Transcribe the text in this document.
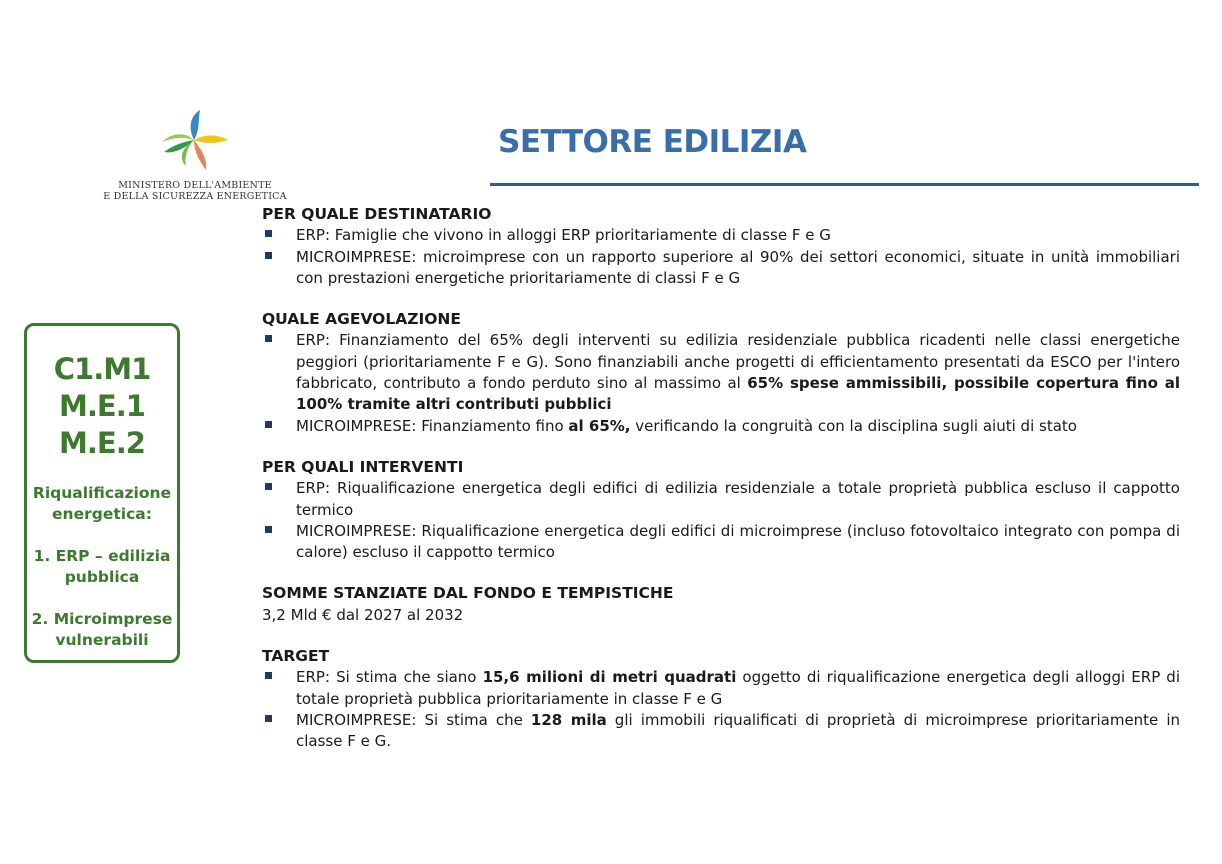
MINISTERO DELL'AMBIENTE
E DELLA SICUREZZA ENERGETICA
SETTORE EDILIZIA
C1.M1
M.E.1
M.E.2
Riqualificazione
energetica:
1. ERP – edilizia
pubblica
2. Microimprese
vulnerabili
PER QUALE DESTINATARIO
ERP: Famiglie che vivono in alloggi ERP prioritariamente di classe F e G
MICROIMPRESE: microimprese con un rapporto superiore al 90% dei settori economici, situate in unità immobiliari con prestazioni energetiche prioritariamente di classi F e G
QUALE AGEVOLAZIONE
ERP: Finanziamento del 65% degli interventi su edilizia residenziale pubblica ricadenti nelle classi energetiche peggiori (prioritariamente F e G). Sono finanziabili anche progetti di efficientamento presentati da ESCO per l'intero fabbricato, contributo a fondo perduto sino al massimo al 65% spese ammissibili, possibile copertura fino al 100% tramite altri contributi pubblici
MICROIMPRESE: Finanziamento fino al 65%, verificando la congruità con la disciplina sugli aiuti di stato
PER QUALI INTERVENTI
ERP: Riqualificazione energetica degli edifici di edilizia residenziale a totale proprietà pubblica escluso il cappotto termico
MICROIMPRESE: Riqualificazione energetica degli edifici di microimprese (incluso fotovoltaico integrato con pompa di calore) escluso il cappotto termico
SOMME STANZIATE DAL FONDO E TEMPISTICHE
3,2 Mld € dal 2027 al 2032
TARGET
ERP: Si stima che siano 15,6 milioni di metri quadrati oggetto di riqualificazione energetica degli alloggi ERP di totale proprietà pubblica prioritariamente in classe F e G
MICROIMPRESE: Si stima che 128 mila gli immobili riqualificati di proprietà di microimprese prioritariamente in classe F e G.
